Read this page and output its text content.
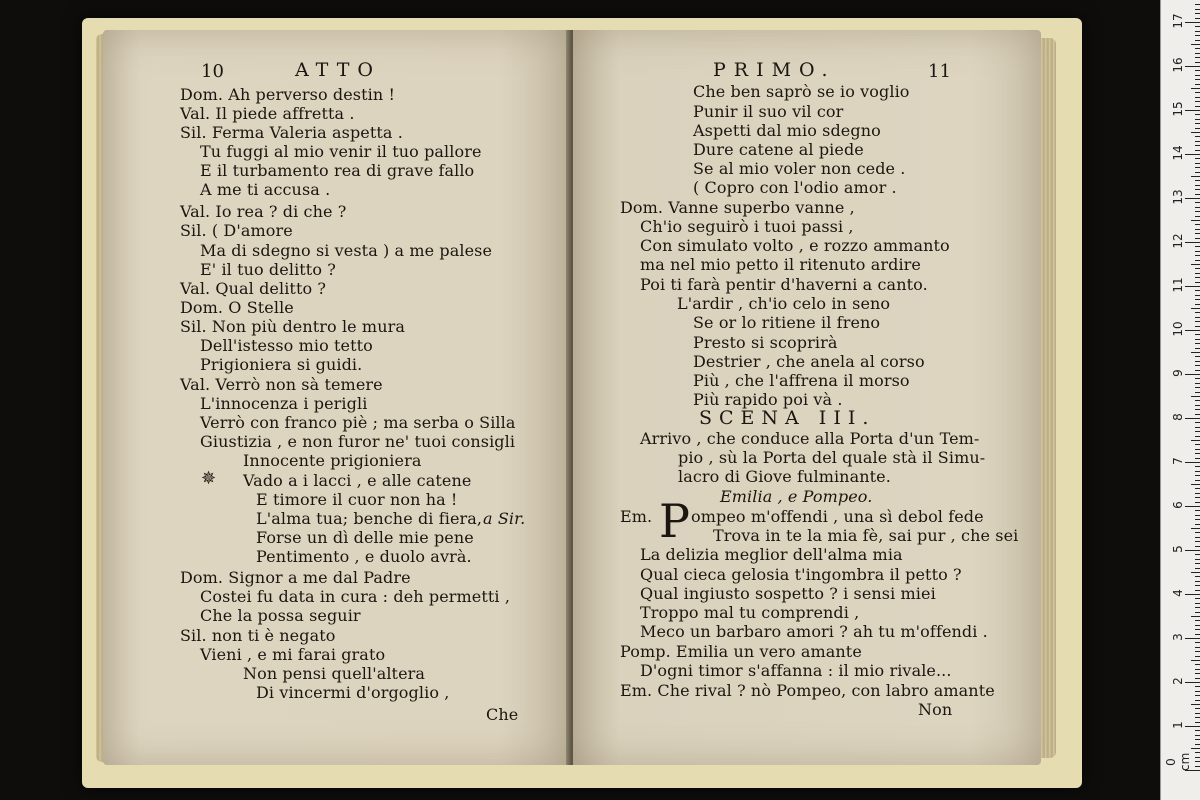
10	ATTO
Dom. Ah perverso destin !
Val. Il piede affretta .
Sil. Ferma Valeria aspetta .
Tu fuggi al mio venir il tuo pallore
E il turbamento rea di grave fallo
A me ti accusa .
Val. Io rea ? di che ?
Sil. ( D'amore
Ma di sdegno si vesta ) a me palese
E' il tuo delitto ?
Val. Qual delitto ?
Dom. O Stelle
Sil. Non più dentro le mura
Dell'istesso mio tetto
Prigioniera si guidi.
Val. Verrò non sà temere
L'innocenza i perigli
Verrò con franco piè ; ma serba o Silla
Giustizia , e non furor ne' tuoi consigli
Innocente prigioniera
✵ Vado a i lacci , e alle catene
E timore il cuor non ha !
L'alma tua; benche di fiera, a Sir.
Forse un dì delle mie pene
Pentimento , e duolo avrà.
Dom. Signor a me dal Padre
Costei fu data in cura : deh permetti ,
Che la possa seguir
Sil. non ti è negato
Vieni , e mi farai grato
Non pensi quell'altera
Di vincermi d'orgoglio ,
Che
PRIMO.	11
Che ben saprò se io voglio
Punir il suo vil cor
Aspetti dal mio sdegno
Dure catene al piede
Se al mio voler non cede .
( Copro con l'odio amor .
Dom. Vanne superbo vanne ,
Ch'io seguirò i tuoi passi ,
Con simulato volto , e rozzo ammanto
ma nel mio petto il ritenuto ardire
Poi ti farà pentir d'haverni a canto.
L'ardir , ch'io celo in seno
Se or lo ritiene il freno
Presto si scoprirà
Destrier , che anela al corso
Più , che l'affrena il morso
Più rapido poi và .
SCENA III.
Arrivo , che conduce alla Porta d'un Tem-
pio , sù la Porta del quale stà il Simu-
lacro di Giove fulminante.
Emilia , e Pompeo.
Em. P ompeo m'offendi , una sì debol fede
Trova in te la mia fè, sai pur , che sei
La delizia meglior dell'alma mia
Qual cieca gelosia t'ingombra il petto ?
Qual ingiusto sospetto ? i sensi miei
Troppo mal tu comprendi ,
Meco un barbaro amori ? ah tu m'offendi .
Pomp. Emilia un vero amante
D'ogni timor s'affanna : il mio rivale...
Em. Che rival ? nò Pompeo, con labro amante
Non
0 cm
1
2
3
4
5
6
7
8
9
10
11
12
13
14
15
16
17
